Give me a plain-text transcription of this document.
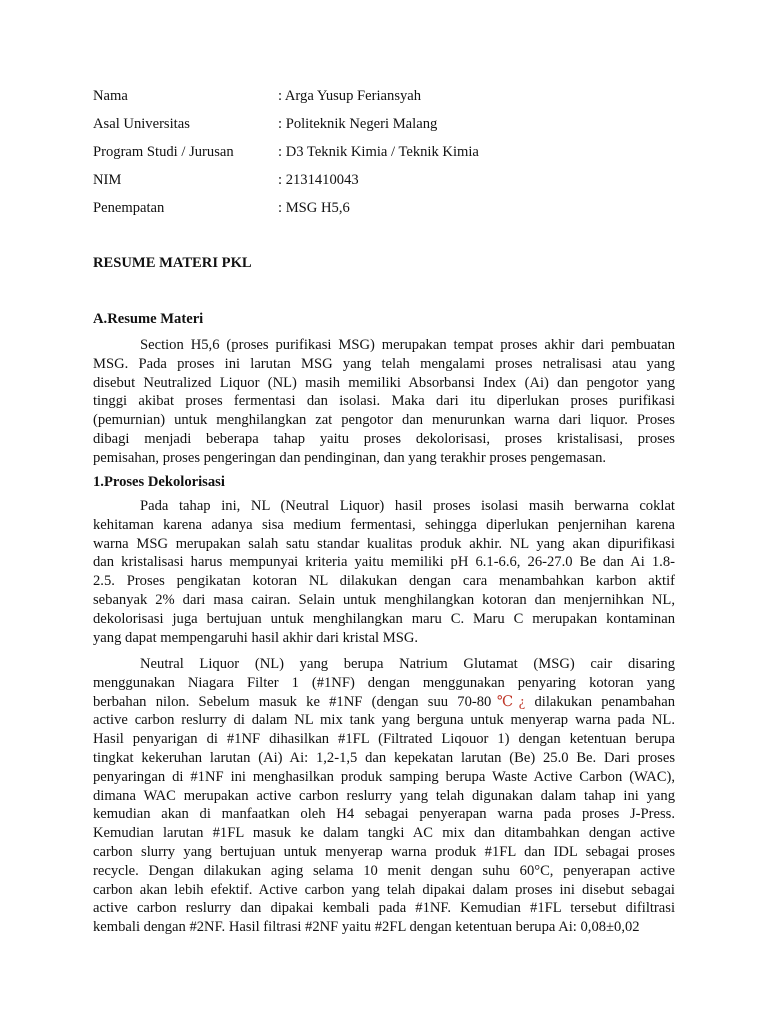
Nama	: Arga Yusup Feriansyah
Asal Universitas	: Politeknik Negeri Malang
Program Studi / Jurusan	: D3 Teknik Kimia / Teknik Kimia
NIM	: 2131410043
Penempatan	: MSG H5,6
RESUME MATERI PKL
A.Resume Materi
Section H5,6 (proses purifikasi MSG) merupakan tempat proses akhir dari pembuatan
MSG. Pada proses ini larutan MSG yang telah mengalami proses netralisasi atau yang
disebut Neutralized Liquor (NL) masih memiliki Absorbansi Index (Ai) dan pengotor yang
tinggi akibat proses fermentasi dan isolasi. Maka dari itu diperlukan proses purifikasi
(pemurnian) untuk menghilangkan zat pengotor dan menurunkan warna dari liquor. Proses
dibagi menjadi beberapa tahap yaitu proses dekolorisasi, proses kristalisasi, proses
pemisahan, proses pengeringan dan pendinginan, dan yang terakhir proses pengemasan.
1.Proses Dekolorisasi
Pada tahap ini, NL (Neutral Liquor) hasil proses isolasi masih berwarna coklat
kehitaman karena adanya sisa medium fermentasi, sehingga diperlukan penjernihan karena
warna MSG merupakan salah satu standar kualitas produk akhir. NL yang akan dipurifikasi
dan kristalisasi harus mempunyai kriteria yaitu memiliki pH 6.1-6.6, 26-27.0 Be dan Ai 1.8-
2.5. Proses pengikatan kotoran NL dilakukan dengan cara menambahkan karbon aktif
sebanyak 2% dari masa cairan. Selain untuk menghilangkan kotoran dan menjernihkan NL,
dekolorisasi juga bertujuan untuk menghilangkan maru C. Maru C merupakan kontaminan
yang dapat mempengaruhi hasil akhir dari kristal MSG.
Neutral Liquor (NL) yang berupa Natrium Glutamat (MSG) cair disaring
menggunakan Niagara Filter 1 (#1NF) dengan menggunakan penyaring kotoran yang
berbahan nilon. Sebelum masuk ke #1NF (dengan suu 70-80℃¿ dilakukan penambahan
active carbon reslurry di dalam NL mix tank yang berguna untuk menyerap warna pada NL.
Hasil penyarigan di #1NF dihasilkan #1FL (Filtrated Liqouor 1) dengan ketentuan berupa
tingkat kekeruhan larutan (Ai) Ai: 1,2-1,5 dan kepekatan larutan (Be) 25.0 Be. Dari proses
penyaringan di #1NF ini menghasilkan produk samping berupa Waste Active Carbon (WAC),
dimana WAC merupakan active carbon reslurry yang telah digunakan dalam tahap ini yang
kemudian akan di manfaatkan oleh H4 sebagai penyerapan warna pada proses J-Press.
Kemudian larutan #1FL masuk ke dalam tangki AC mix dan ditambahkan dengan active
carbon slurry yang bertujuan untuk menyerap warna produk #1FL dan IDL sebagai proses
recycle. Dengan dilakukan aging selama 10 menit dengan suhu 60°C, penyerapan active
carbon akan lebih efektif. Active carbon yang telah dipakai dalam proses ini disebut sebagai
active carbon reslurry dan dipakai kembali pada #1NF. Kemudian #1FL tersebut difiltrasi
kembali dengan #2NF. Hasil filtrasi #2NF yaitu #2FL dengan ketentuan berupa Ai: 0,08±0,02
